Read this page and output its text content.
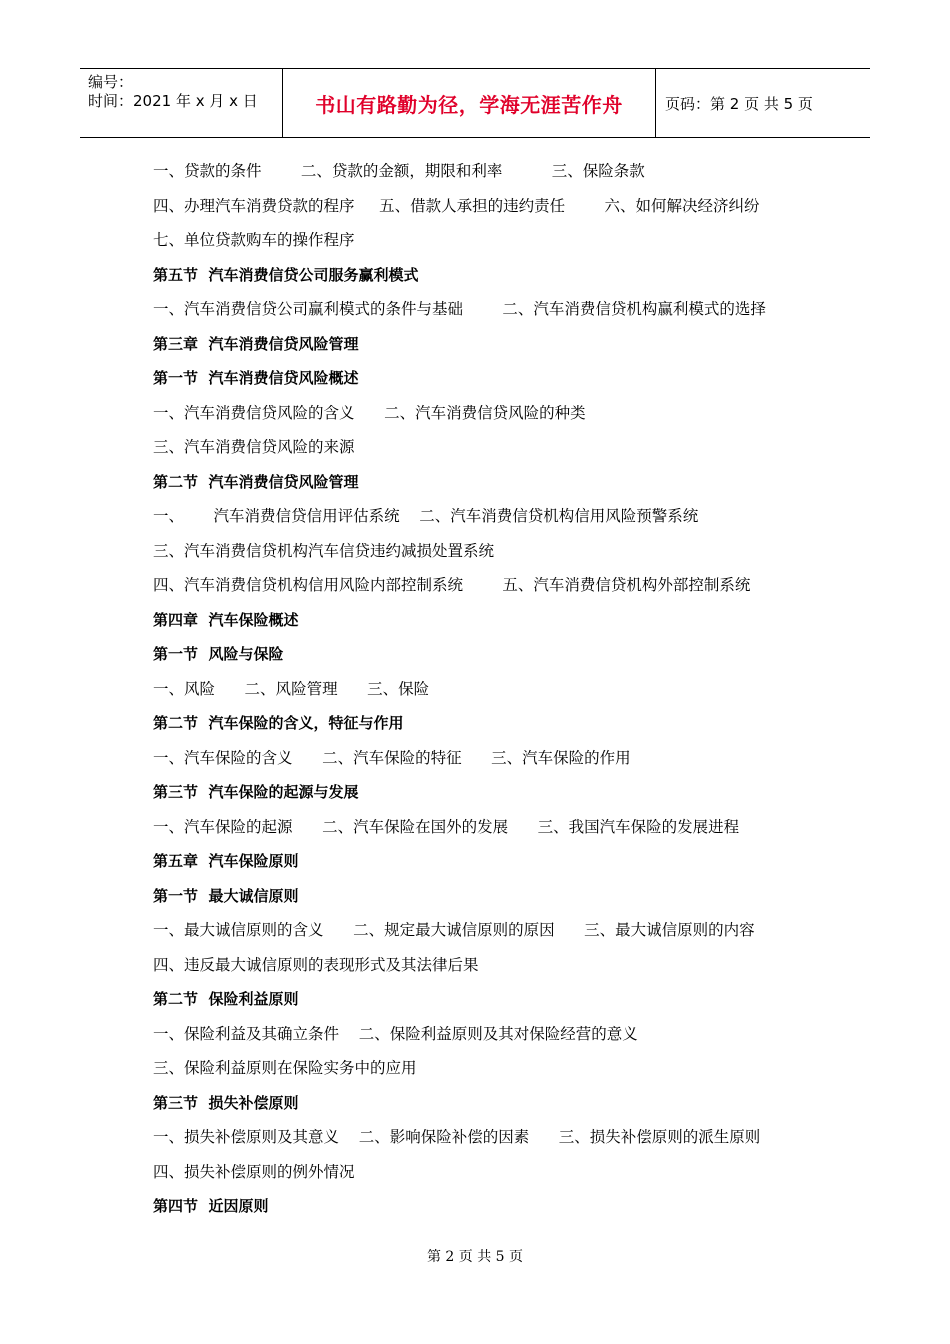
编号：
时间：2021 年 x 月 x 日	书山有路勤为径，学海无涯苦作舟	页码：第 2 页 共 5 页
一、贷款的条件        二、贷款的金额，期限和利率          三、保险条款
四、办理汽车消费贷款的程序     五、借款人承担的违约责任        六、如何解决经济纠纷
七、单位贷款购车的操作程序
第五节  汽车消费信贷公司服务赢利模式
一、汽车消费信贷公司赢利模式的条件与基础        二、汽车消费信贷机构赢利模式的选择
第三章  汽车消费信贷风险管理
第一节  汽车消费信贷风险概述
一、汽车消费信贷风险的含义      二、汽车消费信贷风险的种类
三、汽车消费信贷风险的来源
第二节  汽车消费信贷风险管理
一、      汽车消费信贷信用评估系统    二、汽车消费信贷机构信用风险预警系统
三、汽车消费信贷机构汽车信贷违约减损处置系统
四、汽车消费信贷机构信用风险内部控制系统        五、汽车消费信贷机构外部控制系统
第四章  汽车保险概述
第一节  风险与保险
一、风险      二、风险管理      三、保险
第二节  汽车保险的含义，特征与作用
一、汽车保险的含义      二、汽车保险的特征      三、汽车保险的作用
第三节  汽车保险的起源与发展
一、汽车保险的起源      二、汽车保险在国外的发展      三、我国汽车保险的发展进程
第五章  汽车保险原则
第一节  最大诚信原则
一、最大诚信原则的含义      二、规定最大诚信原则的原因      三、最大诚信原则的内容
四、违反最大诚信原则的表现形式及其法律后果
第二节  保险利益原则
一、保险利益及其确立条件    二、保险利益原则及其对保险经营的意义
三、保险利益原则在保险实务中的应用
第三节  损失补偿原则
一、损失补偿原则及其意义    二、影响保险补偿的因素      三、损失补偿原则的派生原则
四、损失补偿原则的例外情况
第四节  近因原则
第 2 页 共 5 页
